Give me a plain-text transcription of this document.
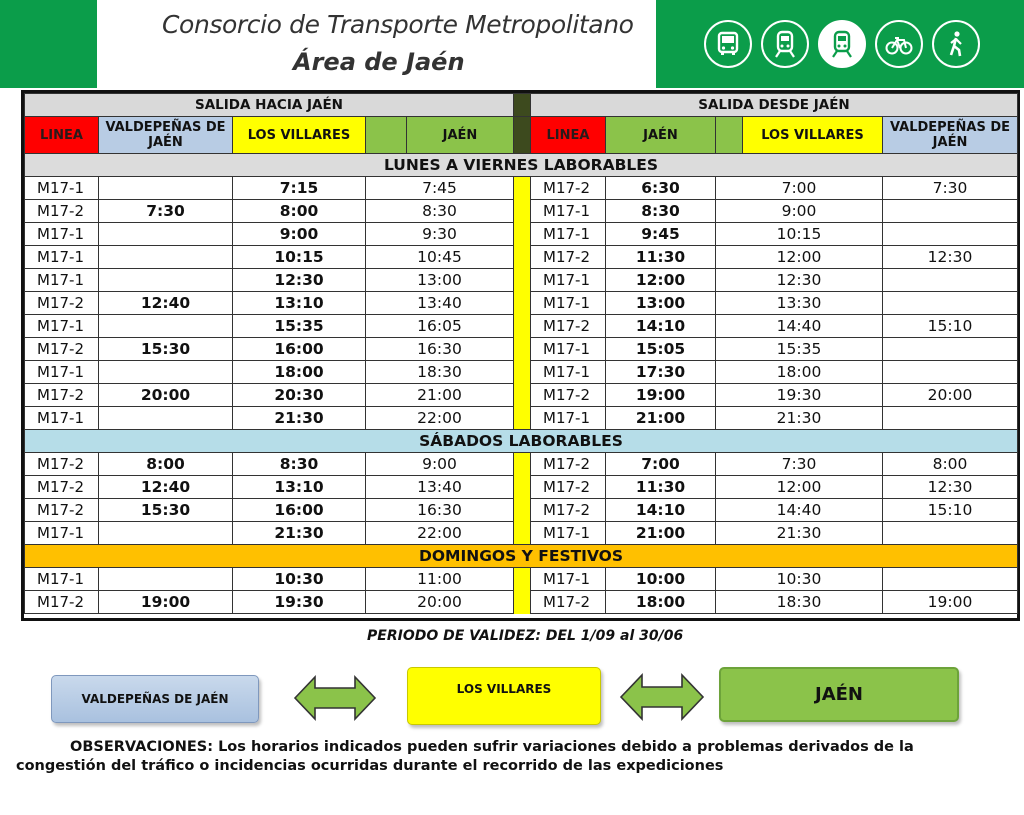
Consorcio de Transporte Metropolitano
Área de Jaén
SALIDA HACIA JAÉN						SALIDA DESDE JAÉN				
LINEA	VALDEPEÑAS DE JAÉN	LOS VILLARES		JAÉN		LINEA	JAÉN		LOS VILLARES	VALDEPEÑAS DE JAÉN
LUNES A VIERNES LABORABLES										
M17-1		7:15	7:45			M17-2	6:30	7:00		7:30
M17-2	7:30	8:00	8:30			M17-1	8:30	9:00		
M17-1		9:00	9:30			M17-1	9:45	10:15		
M17-1		10:15	10:45			M17-2	11:30	12:00		12:30
M17-1		12:30	13:00			M17-1	12:00	12:30		
M17-2	12:40	13:10	13:40			M17-1	13:00	13:30		
M17-1		15:35	16:05			M17-2	14:10	14:40		15:10
M17-2	15:30	16:00	16:30			M17-1	15:05	15:35		
M17-1		18:00	18:30			M17-1	17:30	18:00		
M17-2	20:00	20:30	21:00			M17-2	19:00	19:30		20:00
M17-1		21:30	22:00			M17-1	21:00	21:30		
SÁBADOS LABORABLES										
M17-2	8:00	8:30	9:00			M17-2	7:00	7:30		8:00
M17-2	12:40	13:10	13:40			M17-2	11:30	12:00		12:30
M17-2	15:30	16:00	16:30			M17-2	14:10	14:40		15:10
M17-1		21:30	22:00			M17-1	21:00	21:30		
DOMINGOS Y FESTIVOS										
M17-1		10:30	11:00			M17-1	10:00	10:30		
M17-2	19:00	19:30	20:00			M17-2	18:00	18:30		19:00
PERIODO DE VALIDEZ: DEL 1/09 al 30/06
VALDEPEÑAS DE JAÉN
LOS VILLARES	JAÉN
OBSERVACIONES: Los horarios indicados pueden sufrir variaciones debido a problemas derivados de la congestión del tráfico o incidencias ocurridas durante el recorrido de las expediciones
